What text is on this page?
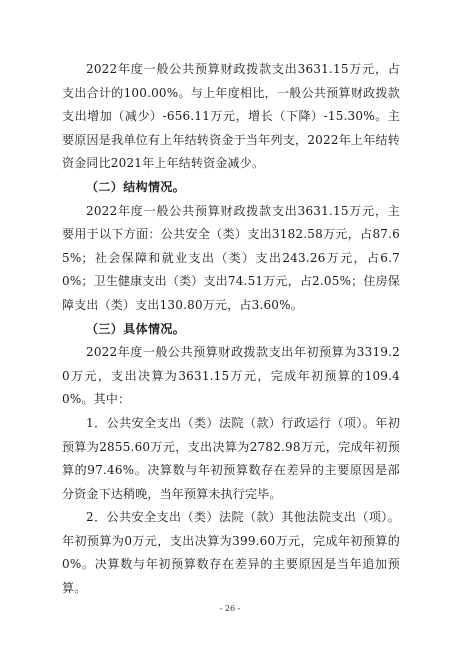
2022年度一般公共预算财政拨款支出3631.15万元，占支出合计的100.00%。与上年度相比，一般公共预算财政拨款支出增加（减少）-656.11万元，增长（下降）-15.30%。主要原因是我单位有上年结转资金于当年列支，2022年上年结转资金同比2021年上年结转资金减少。

（二）结构情况。

2022年度一般公共预算财政拨款支出3631.15万元，主要用于以下方面：公共安全（类）支出3182.58万元，占87.65%；社会保障和就业支出（类）支出243.26万元，占6.70%；卫生健康支出（类）支出74.51万元，占2.05%；住房保障支出（类）支出130.80万元，占3.60%。

（三）具体情况。

2022年度一般公共预算财政拨款支出年初预算为3319.20万元，支出决算为3631.15万元，完成年初预算的109.40%。其中：

1．公共安全支出（类）法院（款）行政运行（项）。年初预算为2855.60万元，支出决算为2782.98万元，完成年初预算的97.46%。决算数与年初预算数存在差异的主要原因是部分资金下达稍晚，当年预算未执行完毕。

2．公共安全支出（类）法院（款）其他法院支出（项）。年初预算为0万元，支出决算为399.60万元，完成年初预算的0%。决算数与年初预算数存在差异的主要原因是当年追加预算。

- 26 -
